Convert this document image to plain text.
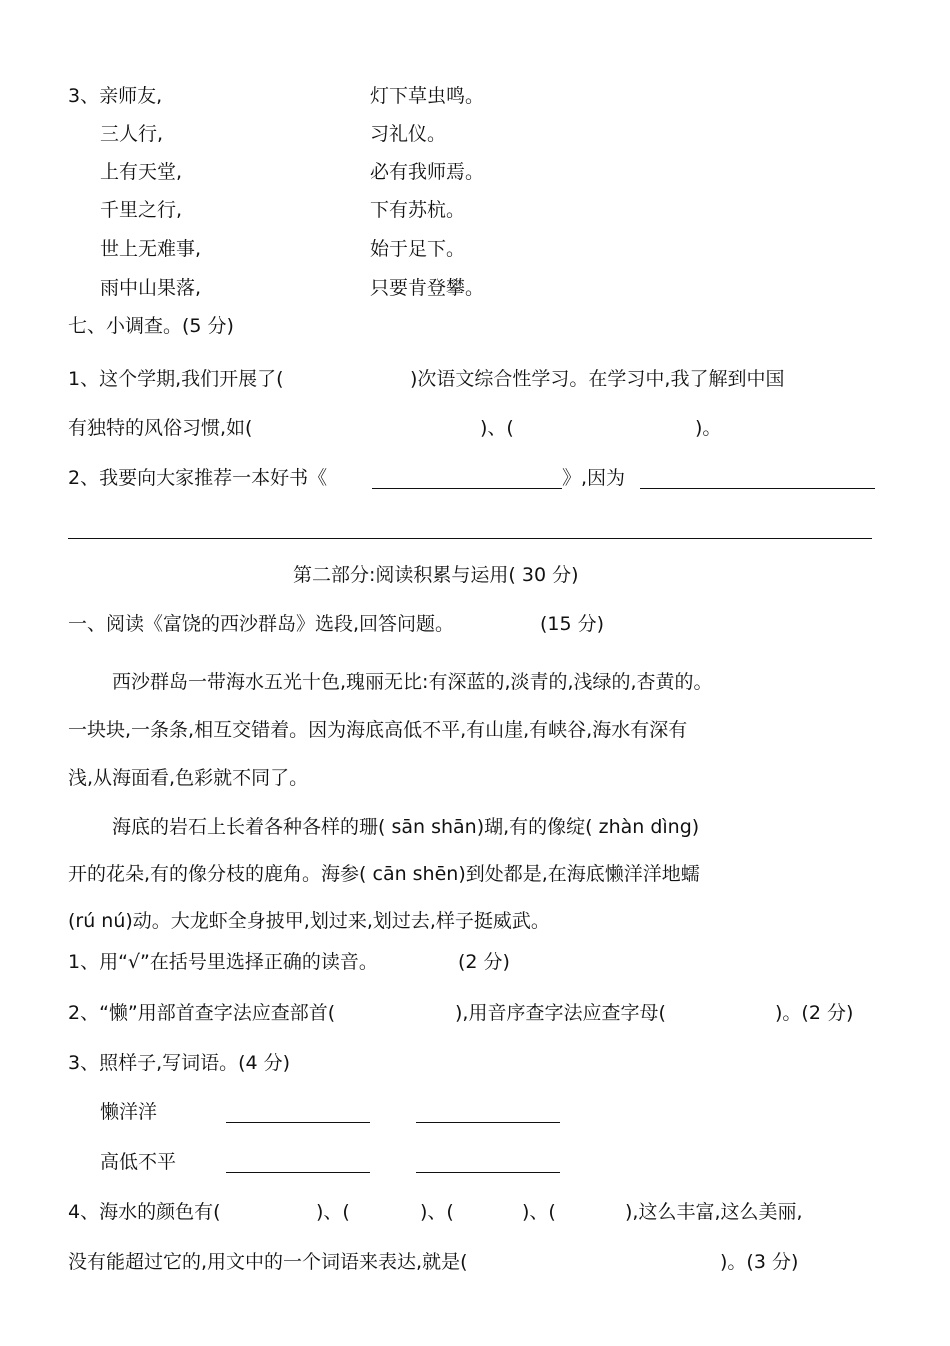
3、亲师友,	灯下草虫鸣。
三人行,	习礼仪。
上有天堂,	必有我师焉。
千里之行,	下有苏杭。
世上无难事,	始于足下。
雨中山果落,	只要肯登攀。
七、小调查。(5 分)
1、这个学期,我们开展了(	)次语文综合性学习。在学习中,我了解到中国
有独特的风俗习惯,如(	)、(	)。
2、我要向大家推荐一本好书《	》,因为
第二部分:阅读积累与运用( 30 分)
一、阅读《富饶的西沙群岛》选段,回答问题。	(15 分)
西沙群岛一带海水五光十色,瑰丽无比:有深蓝的,淡青的,浅绿的,杏黄的。
一块块,一条条,相互交错着。因为海底高低不平,有山崖,有峡谷,海水有深有
浅,从海面看,色彩就不同了。
海底的岩石上长着各种各样的珊( sān shān)瑚,有的像绽( zhàn dìng)
开的花朵,有的像分枝的鹿角。海参( cān shēn)到处都是,在海底懒洋洋地蠕
(rú nú)动。大龙虾全身披甲,划过来,划过去,样子挺威武。
1、用“√”在括号里选择正确的读音。	(2 分)
2、“懒”用部首查字法应查部首(	),用音序查字法应查字母(	)。(2 分)
3、照样子,写词语。(4 分)
懒洋洋
高低不平
4、海水的颜色有(	)、(	)、(	)、(	),这么丰富,这么美丽,
没有能超过它的,用文中的一个词语来表达,就是(	)。(3 分)
